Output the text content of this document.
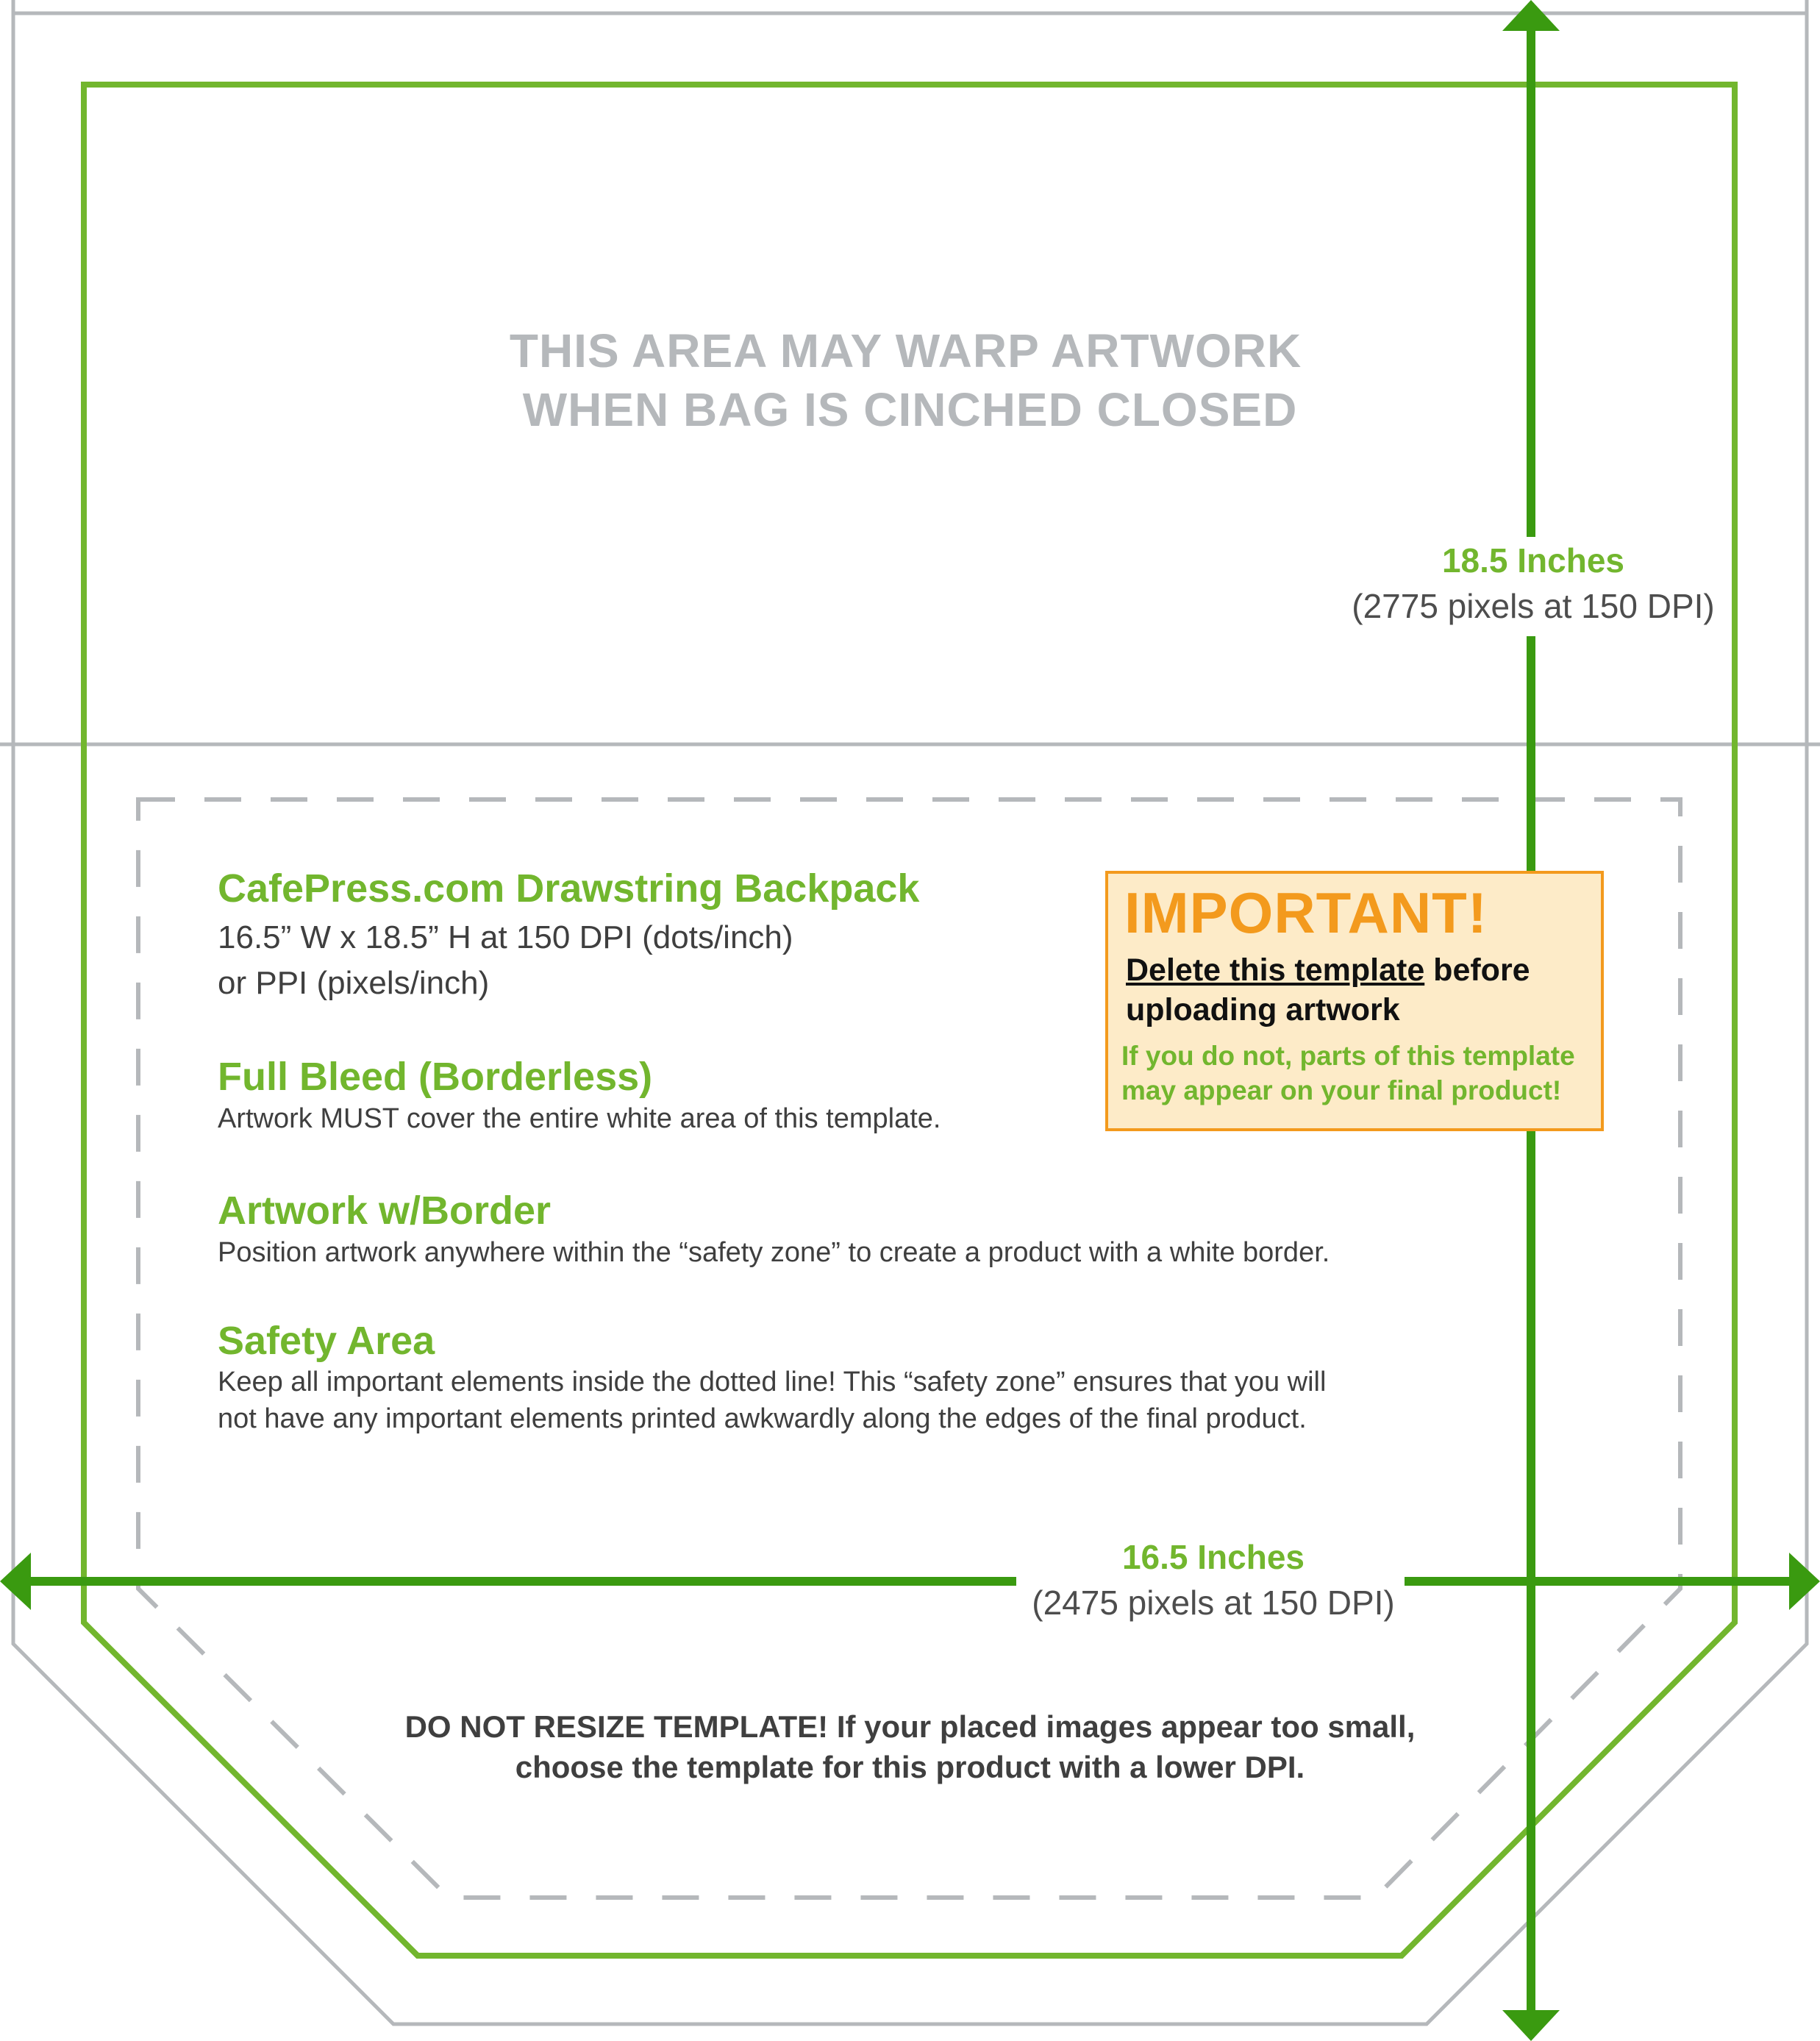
THIS AREA MAY WARP ARTWORK
WHEN BAG IS CINCHED CLOSED
18.5 Inches
(2775 pixels at 150 DPI)
CafePress.com Drawstring Backpack
16.5” W x 18.5” H at 150 DPI (dots/inch)
or PPI (pixels/inch)
Full Bleed (Borderless)
Artwork MUST cover the entire white area of this template.
Artwork w/Border
Position artwork anywhere within the “safety zone” to create a product with a white border.
Safety Area
Keep all important elements inside the dotted line! This “safety zone” ensures that you will
not have any important elements printed awkwardly along the edges of the final product.
IMPORTANT!
Delete this template before
uploading artwork
If you do not, parts of this template
may appear on your final product!
16.5 Inches
(2475 pixels at 150 DPI)
DO NOT RESIZE TEMPLATE! If your placed images appear too small,
choose the template for this product with a lower DPI.
